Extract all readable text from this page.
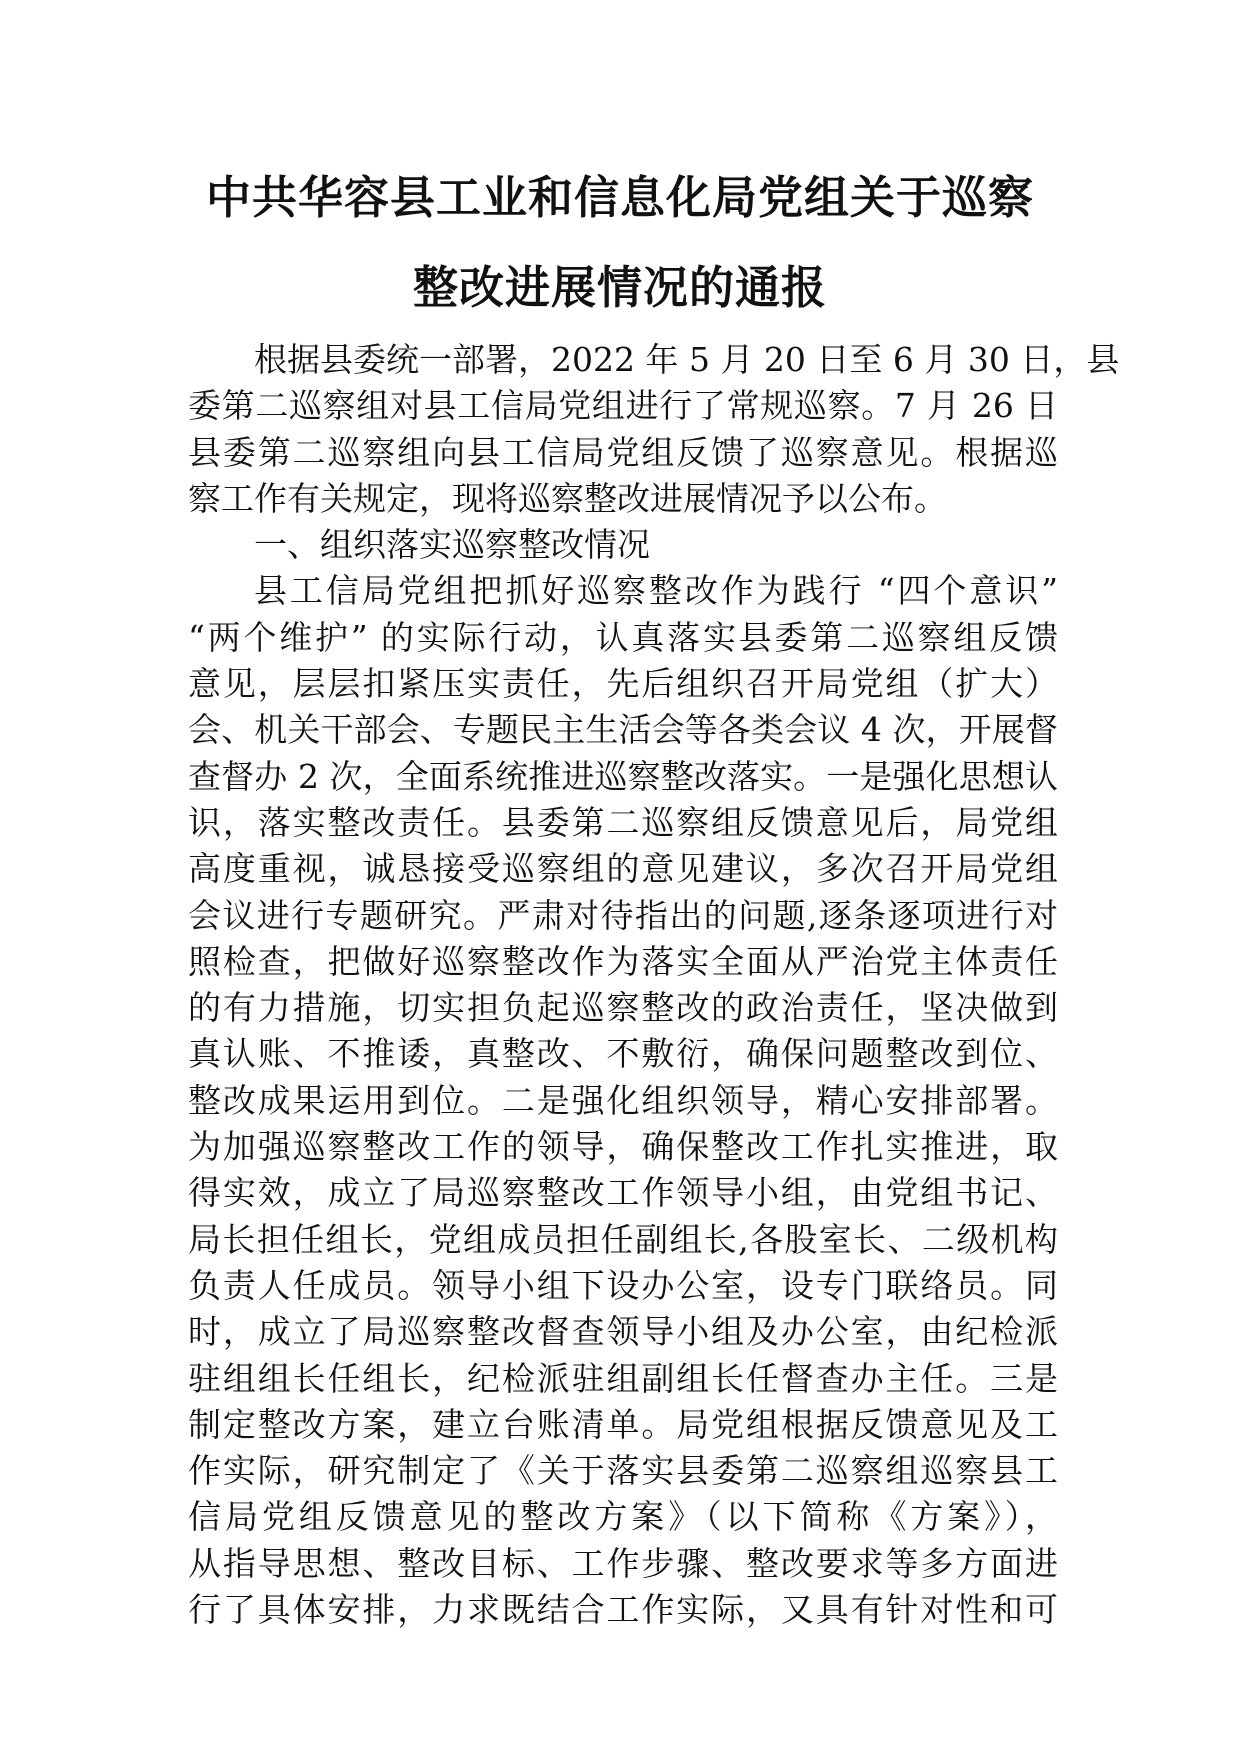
中共华容县工业和信息化局党组关于巡察
整改进展情况的通报
根据县委统一部署，2022 年 5 月 20 日至 6 月 30 日，县
委第二巡察组对县工信局党组进行了常规巡察。7 月 26 日
县委第二巡察组向县工信局党组反馈了巡察意见。根据巡
察工作有关规定，现将巡察整改进展情况予以公布。
一、组织落实巡察整改情况
县工信局党组把抓好巡察整改作为践行 “四个意识”
“两个维护” 的实际行动，认真落实县委第二巡察组反馈
意见，层层扣紧压实责任，先后组织召开局党组（扩大）
会、机关干部会、专题民主生活会等各类会议 4 次，开展督
查督办 2 次，全面系统推进巡察整改落实。一是强化思想认
识，落实整改责任。县委第二巡察组反馈意见后，局党组
高度重视，诚恳接受巡察组的意见建议，多次召开局党组
会议进行专题研究。严肃对待指出的问题,逐条逐项进行对
照检查，把做好巡察整改作为落实全面从严治党主体责任
的有力措施，切实担负起巡察整改的政治责任，坚决做到
真认账、不推诿，真整改、不敷衍，确保问题整改到位、
整改成果运用到位。二是强化组织领导，精心安排部署。
为加强巡察整改工作的领导，确保整改工作扎实推进，取
得实效，成立了局巡察整改工作领导小组，由党组书记、
局长担任组长，党组成员担任副组长,各股室长、二级机构
负责人任成员。领导小组下设办公室，设专门联络员。同
时，成立了局巡察整改督查领导小组及办公室，由纪检派
驻组组长任组长，纪检派驻组副组长任督查办主任。三是
制定整改方案，建立台账清单。局党组根据反馈意见及工
作实际，研究制定了《关于落实县委第二巡察组巡察县工
信局党组反馈意见的整改方案》（以下简称《方案》），
从指导思想、整改目标、工作步骤、整改要求等多方面进
行了具体安排，力求既结合工作实际，又具有针对性和可
